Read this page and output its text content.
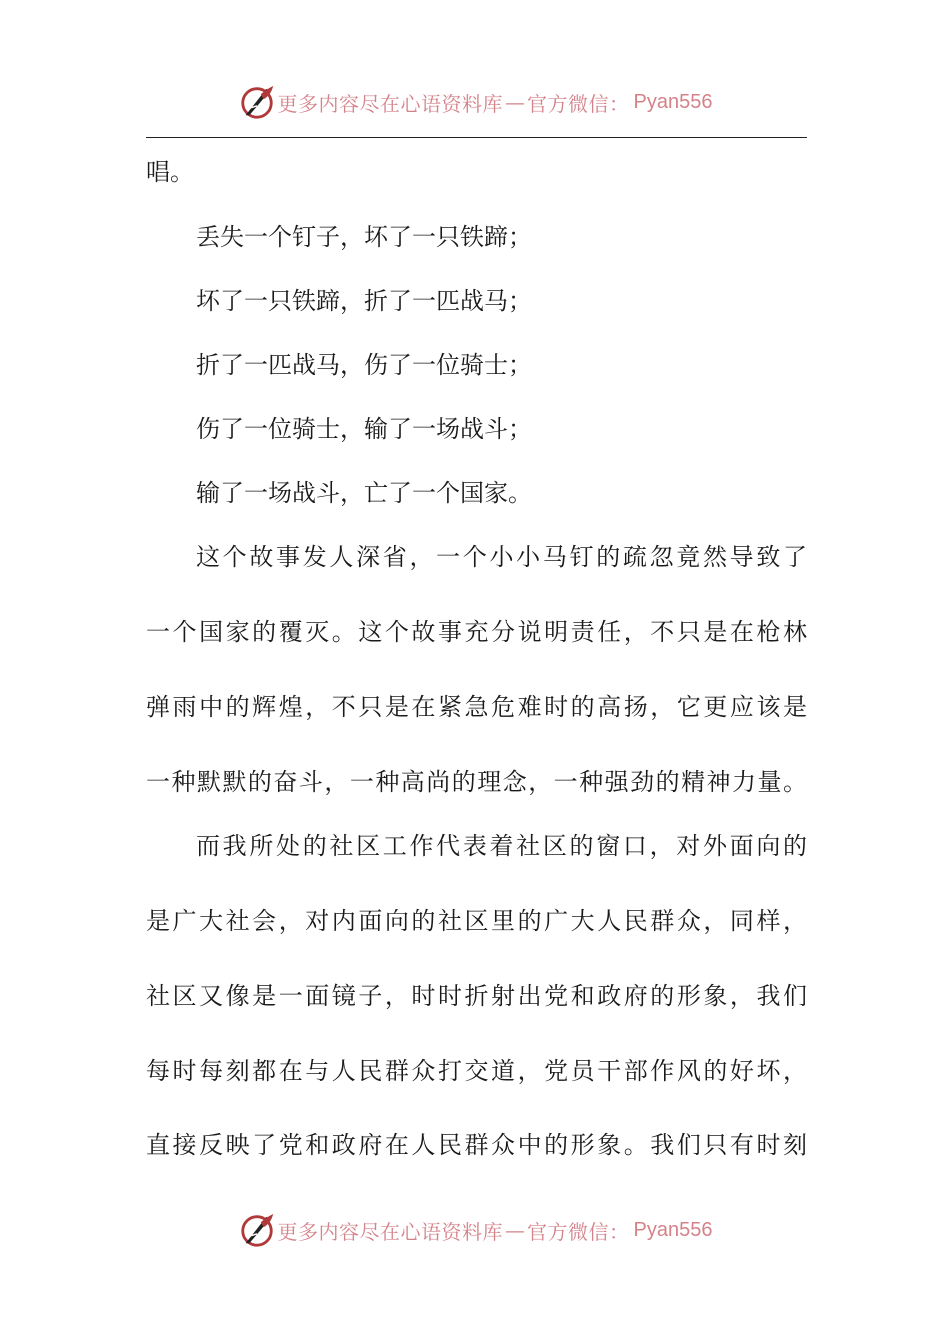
更多内容尽在心语资料库 — 官方微信： Pyan556
唱。
丢失一个钉子，坏了一只铁蹄；
坏了一只铁蹄，折了一匹战马；
折了一匹战马，伤了一位骑士；
伤了一位骑士，输了一场战斗；
输了一场战斗，亡了一个国家。
这个故事发人深省，一个小小马钉的疏忽竟然导致了
一个国家的覆灭。这个故事充分说明责任，不只是在枪林
弹雨中的辉煌，不只是在紧急危难时的高扬，它更应该是
一种默默的奋斗，一种高尚的理念，一种强劲的精神力量。
而我所处的社区工作代表着社区的窗口，对外面向的
是广大社会，对内面向的社区里的广大人民群众，同样，
社区又像是一面镜子，时时折射出党和政府的形象，我们
每时每刻都在与人民群众打交道，党员干部作风的好坏，
直接反映了党和政府在人民群众中的形象。我们只有时刻
更多内容尽在心语资料库 — 官方微信： Pyan556
